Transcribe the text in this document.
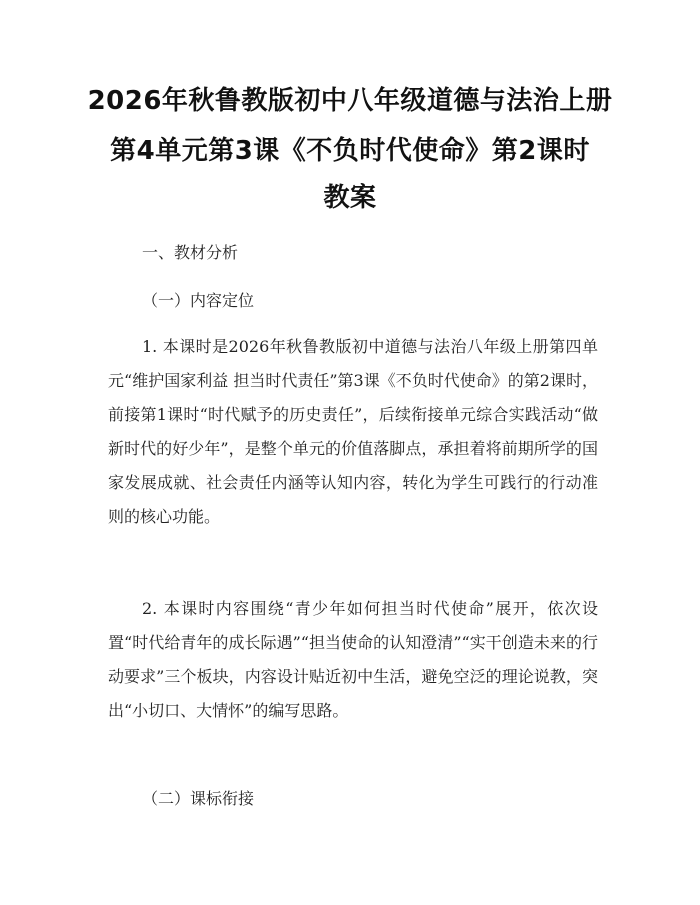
2026年秋鲁教版初中八年级道德与法治上册
第4单元第3课《不负时代使命》第2课时
教案
一、教材分析
（一）内容定位
1. 本课时是2026年秋鲁教版初中道德与法治八年级上册第四单元“维护国家利益 担当时代责任”第3课《不负时代使命》的第2课时，前接第1课时“时代赋予的历史责任”，后续衔接单元综合实践活动“做新时代的好少年”，是整个单元的价值落脚点，承担着将前期所学的国家发展成就、社会责任内涵等认知内容，转化为学生可践行的行动准则的核心功能。
2. 本课时内容围绕“青少年如何担当时代使命”展开，依次设置“时代给青年的成长际遇”“担当使命的认知澄清”“实干创造未来的行动要求”三个板块，内容设计贴近初中生活，避免空泛的理论说教，突出“小切口、大情怀”的编写思路。
（二）课标衔接
